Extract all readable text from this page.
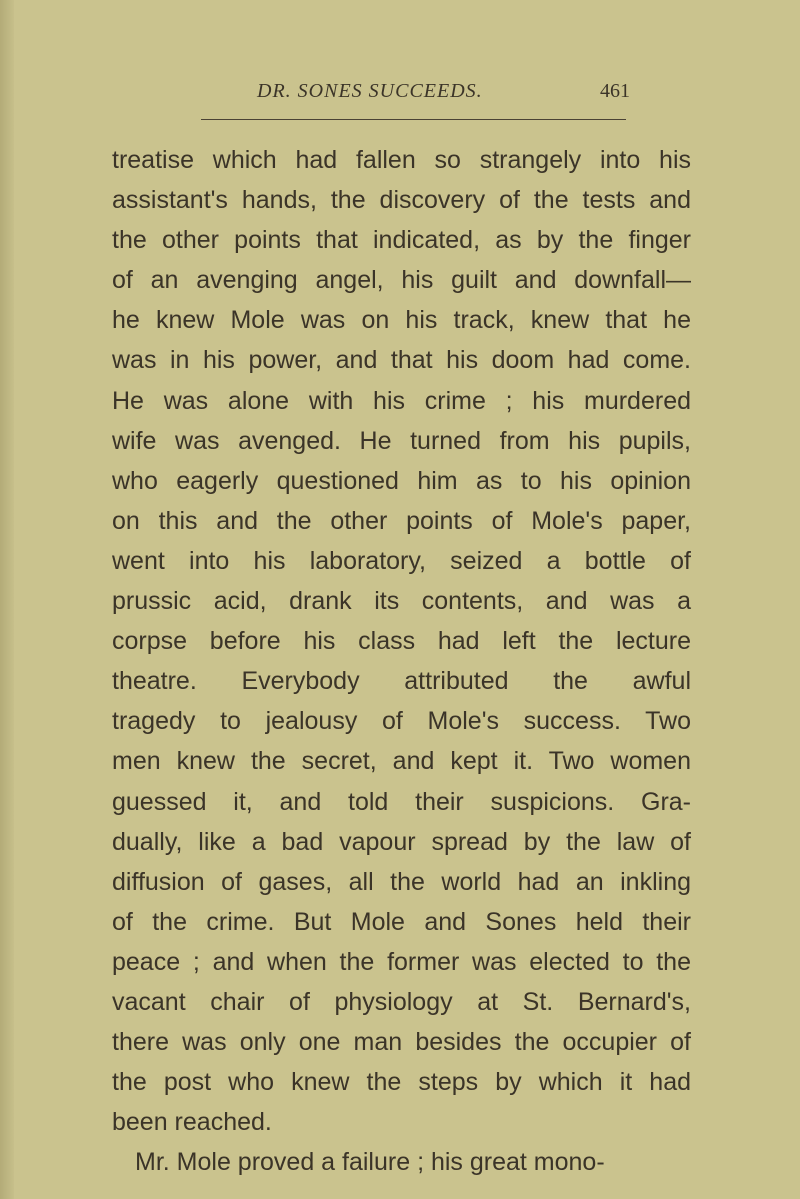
DR. SONES SUCCEEDS.	461
treatise which had fallen so strangely into his
assistant's hands, the discovery of the tests and
the other points that indicated, as by the finger
of an avenging angel, his guilt and downfall—
he knew Mole was on his track, knew that he
was in his power, and that his doom had come.
He was alone with his crime ; his murdered
wife was avenged. He turned from his pupils,
who eagerly questioned him as to his opinion
on this and the other points of Mole's paper,
went into his laboratory, seized a bottle of
prussic acid, drank its contents, and was a
corpse before his class had left the lecture
theatre. Everybody attributed the awful
tragedy to jealousy of Mole's success. Two
men knew the secret, and kept it. Two women
guessed it, and told their suspicions. Gra-
dually, like a bad vapour spread by the law of
diffusion of gases, all the world had an inkling
of the crime. But Mole and Sones held their
peace ; and when the former was elected to the
vacant chair of physiology at St. Bernard's,
there was only one man besides the occupier of
the post who knew the steps by which it had
been reached.
Mr. Mole proved a failure ; his great mono-
